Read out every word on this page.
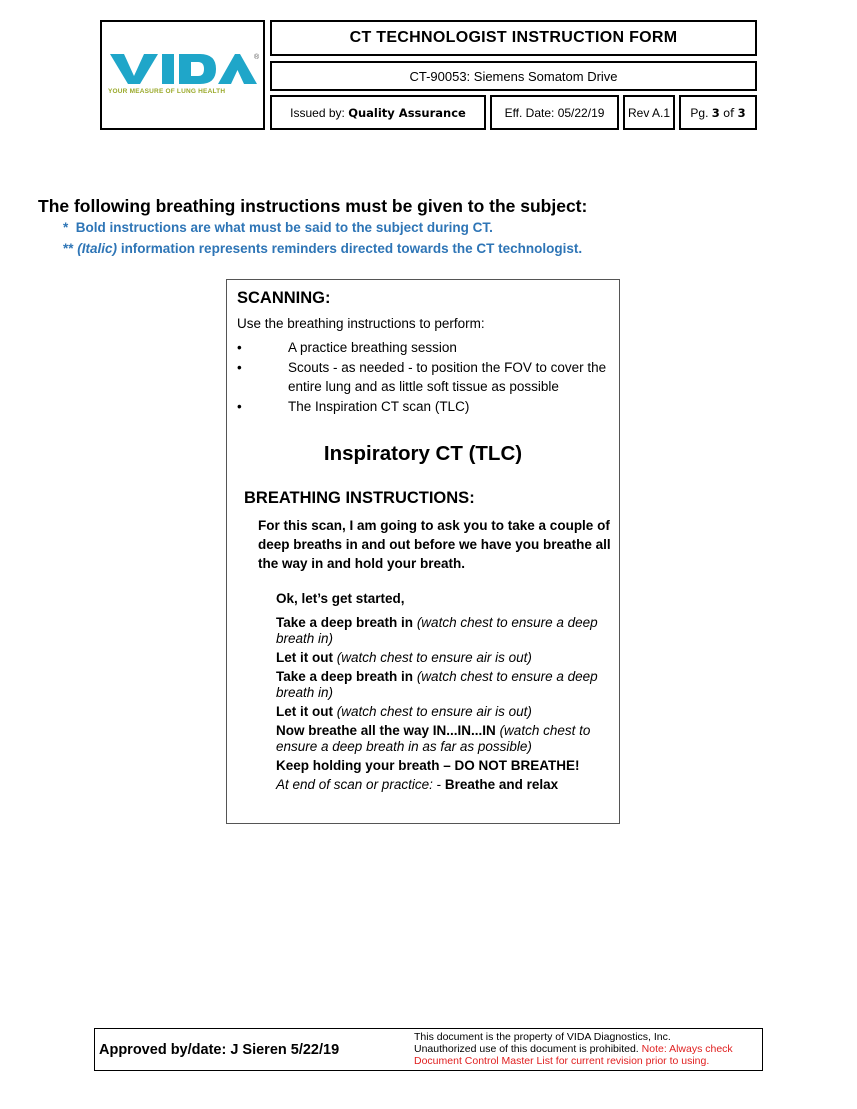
®
YOUR MEASURE OF LUNG HEALTH
CT TECHNOLOGIST INSTRUCTION FORM
CT-90053: Siemens Somatom Drive
Issued by:
Quality Assurance	Eff. Date: 05/22/19	Rev A.1	Pg.
3
of
3
The following breathing instructions must be given to the subject:
* Bold instructions are what must be said to the subject during CT.
** (Italic) information represents reminders directed towards the CT technologist.
SCANNING:
Use the breathing instructions to perform:
•	A practice breathing session
•	Scouts - as needed - to position the FOV to cover the entire lung and as little soft tissue as possible
•	The Inspiration CT scan (TLC)
Inspiratory CT (TLC)
BREATHING INSTRUCTIONS:
For this scan, I am going to ask you to take a couple of deep breaths in and out before we have you breathe all the way in and hold your breath.

Ok, let’s get started,

Take a deep breath in (watch chest to ensure a deep breath in)

Let it out (watch chest to ensure air is out)

Take a deep breath in (watch chest to ensure a deep breath in)

Let it out (watch chest to ensure air is out)

Now breathe all the way IN...IN...IN (watch chest to ensure a deep breath in as far as possible)

Keep holding your breath – DO NOT BREATHE!

At end of scan or practice: - Breathe and relax

Approved by/date: J Sieren 5/22/19
This document is the property of VIDA Diagnostics, Inc.
Unauthorized use of this document is prohibited. Note: Always check Document Control Master List for current revision prior to using.
